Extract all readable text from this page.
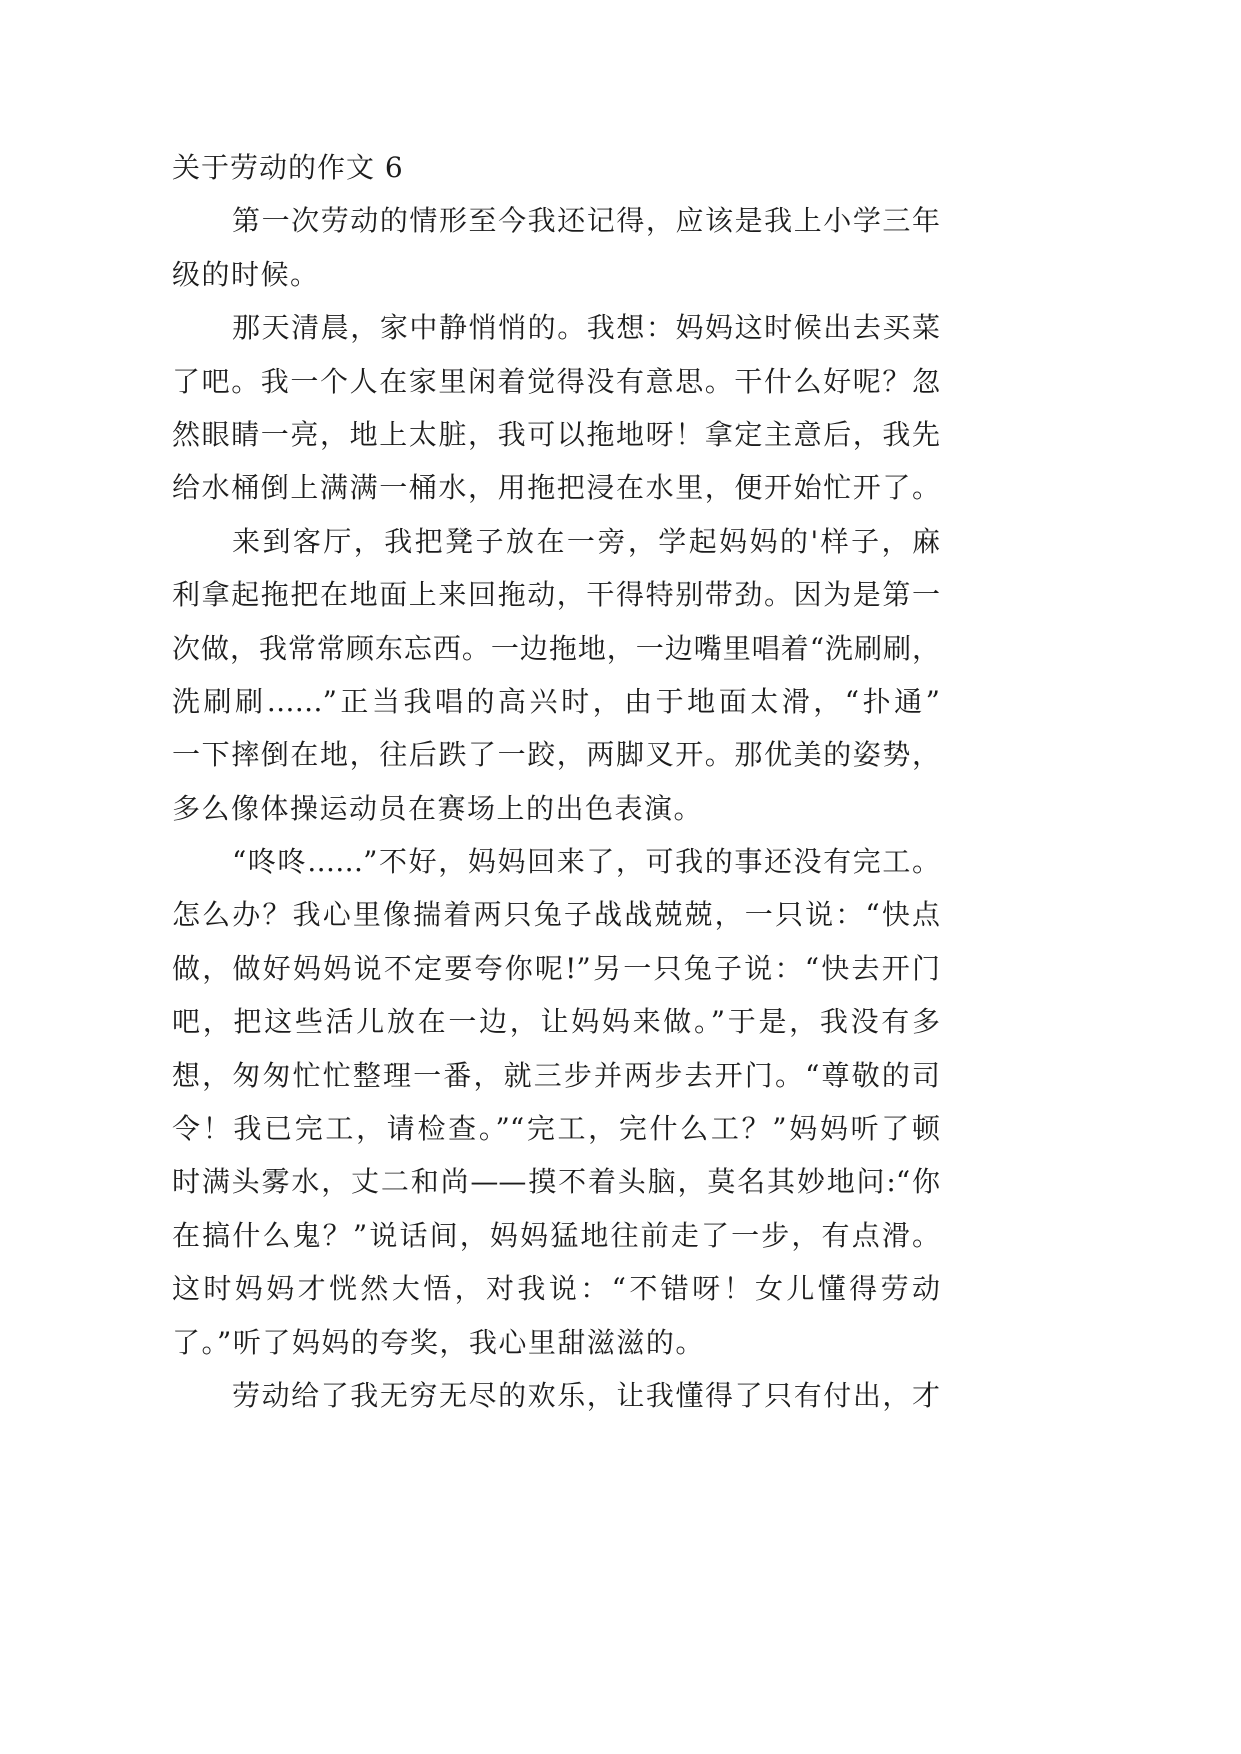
关于劳动的作文 6
第一次劳动的情形至今我还记得，应该是我上小学三年
级的时候。
那天清晨，家中静悄悄的。我想：妈妈这时候出去买菜
了吧。我一个人在家里闲着觉得没有意思。干什么好呢？忽
然眼睛一亮，地上太脏，我可以拖地呀！拿定主意后，我先
给水桶倒上满满一桶水，用拖把浸在水里，便开始忙开了。
来到客厅，我把凳子放在一旁，学起妈妈的'样子，麻
利拿起拖把在地面上来回拖动，干得特别带劲。因为是第一
次做，我常常顾东忘西。一边拖地，一边嘴里唱着“洗刷刷，
洗刷刷……”正当我唱的高兴时，由于地面太滑，“扑通”
一下摔倒在地，往后跌了一跤，两脚叉开。那优美的姿势，
多么像体操运动员在赛场上的出色表演。
“咚咚……”不好，妈妈回来了，可我的事还没有完工。
怎么办？我心里像揣着两只兔子战战兢兢，一只说：“快点
做，做好妈妈说不定要夸你呢!”另一只兔子说：“快去开门
吧，把这些活儿放在一边，让妈妈来做。”于是，我没有多
想，匆匆忙忙整理一番，就三步并两步去开门。“尊敬的司
令！我已完工，请检查。”“完工，完什么工？”妈妈听了顿
时满头雾水，丈二和尚——摸不着头脑，莫名其妙地问:“你
在搞什么鬼？”说话间，妈妈猛地往前走了一步，有点滑。
这时妈妈才恍然大悟，对我说：“不错呀！女儿懂得劳动
了。”听了妈妈的夸奖，我心里甜滋滋的。
劳动给了我无穷无尽的欢乐，让我懂得了只有付出，才
